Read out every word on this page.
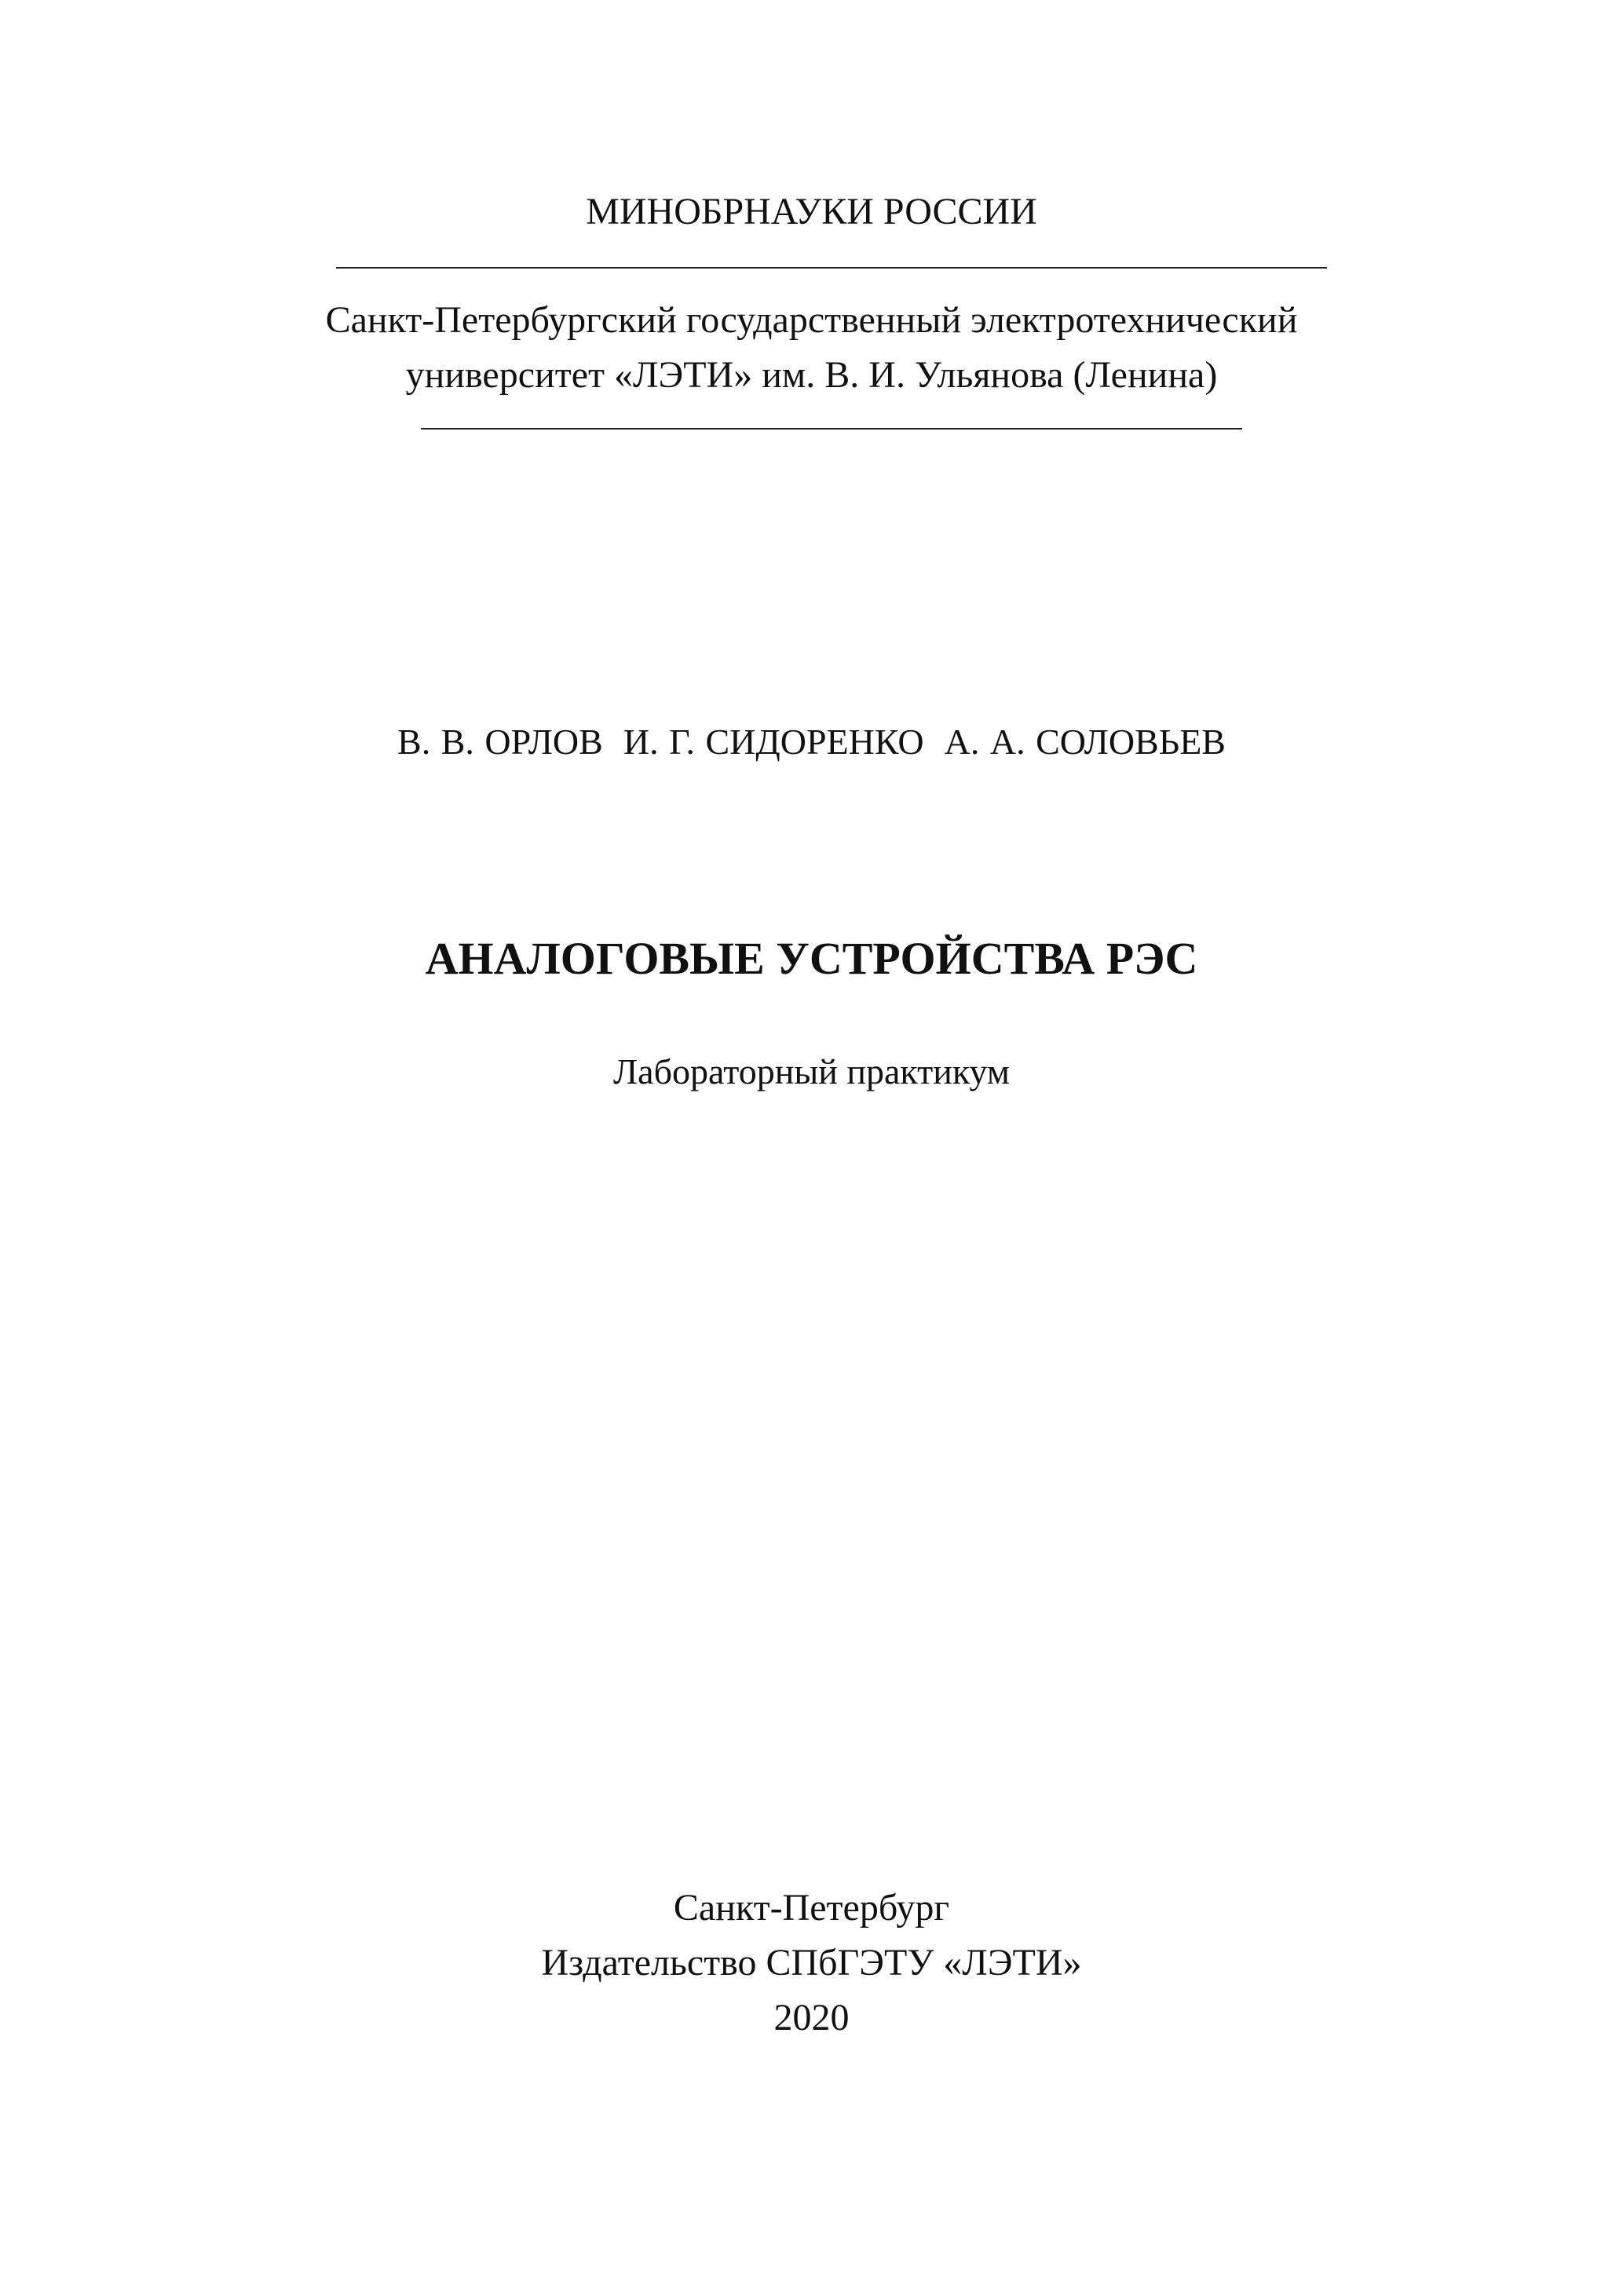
МИНОБРНАУКИ РОССИИ
Санкт-Петербургский государственный электротехнический
университет «ЛЭТИ» им. В. И. Ульянова (Ленина)
В. В. ОРЛОВ И. Г. СИДОРЕНКО А. А. СОЛОВЬЕВ
АНАЛОГОВЫЕ УСТРОЙСТВА РЭС
Лабораторный практикум
Санкт-Петербург
Издательство СПбГЭТУ «ЛЭТИ»
2020
